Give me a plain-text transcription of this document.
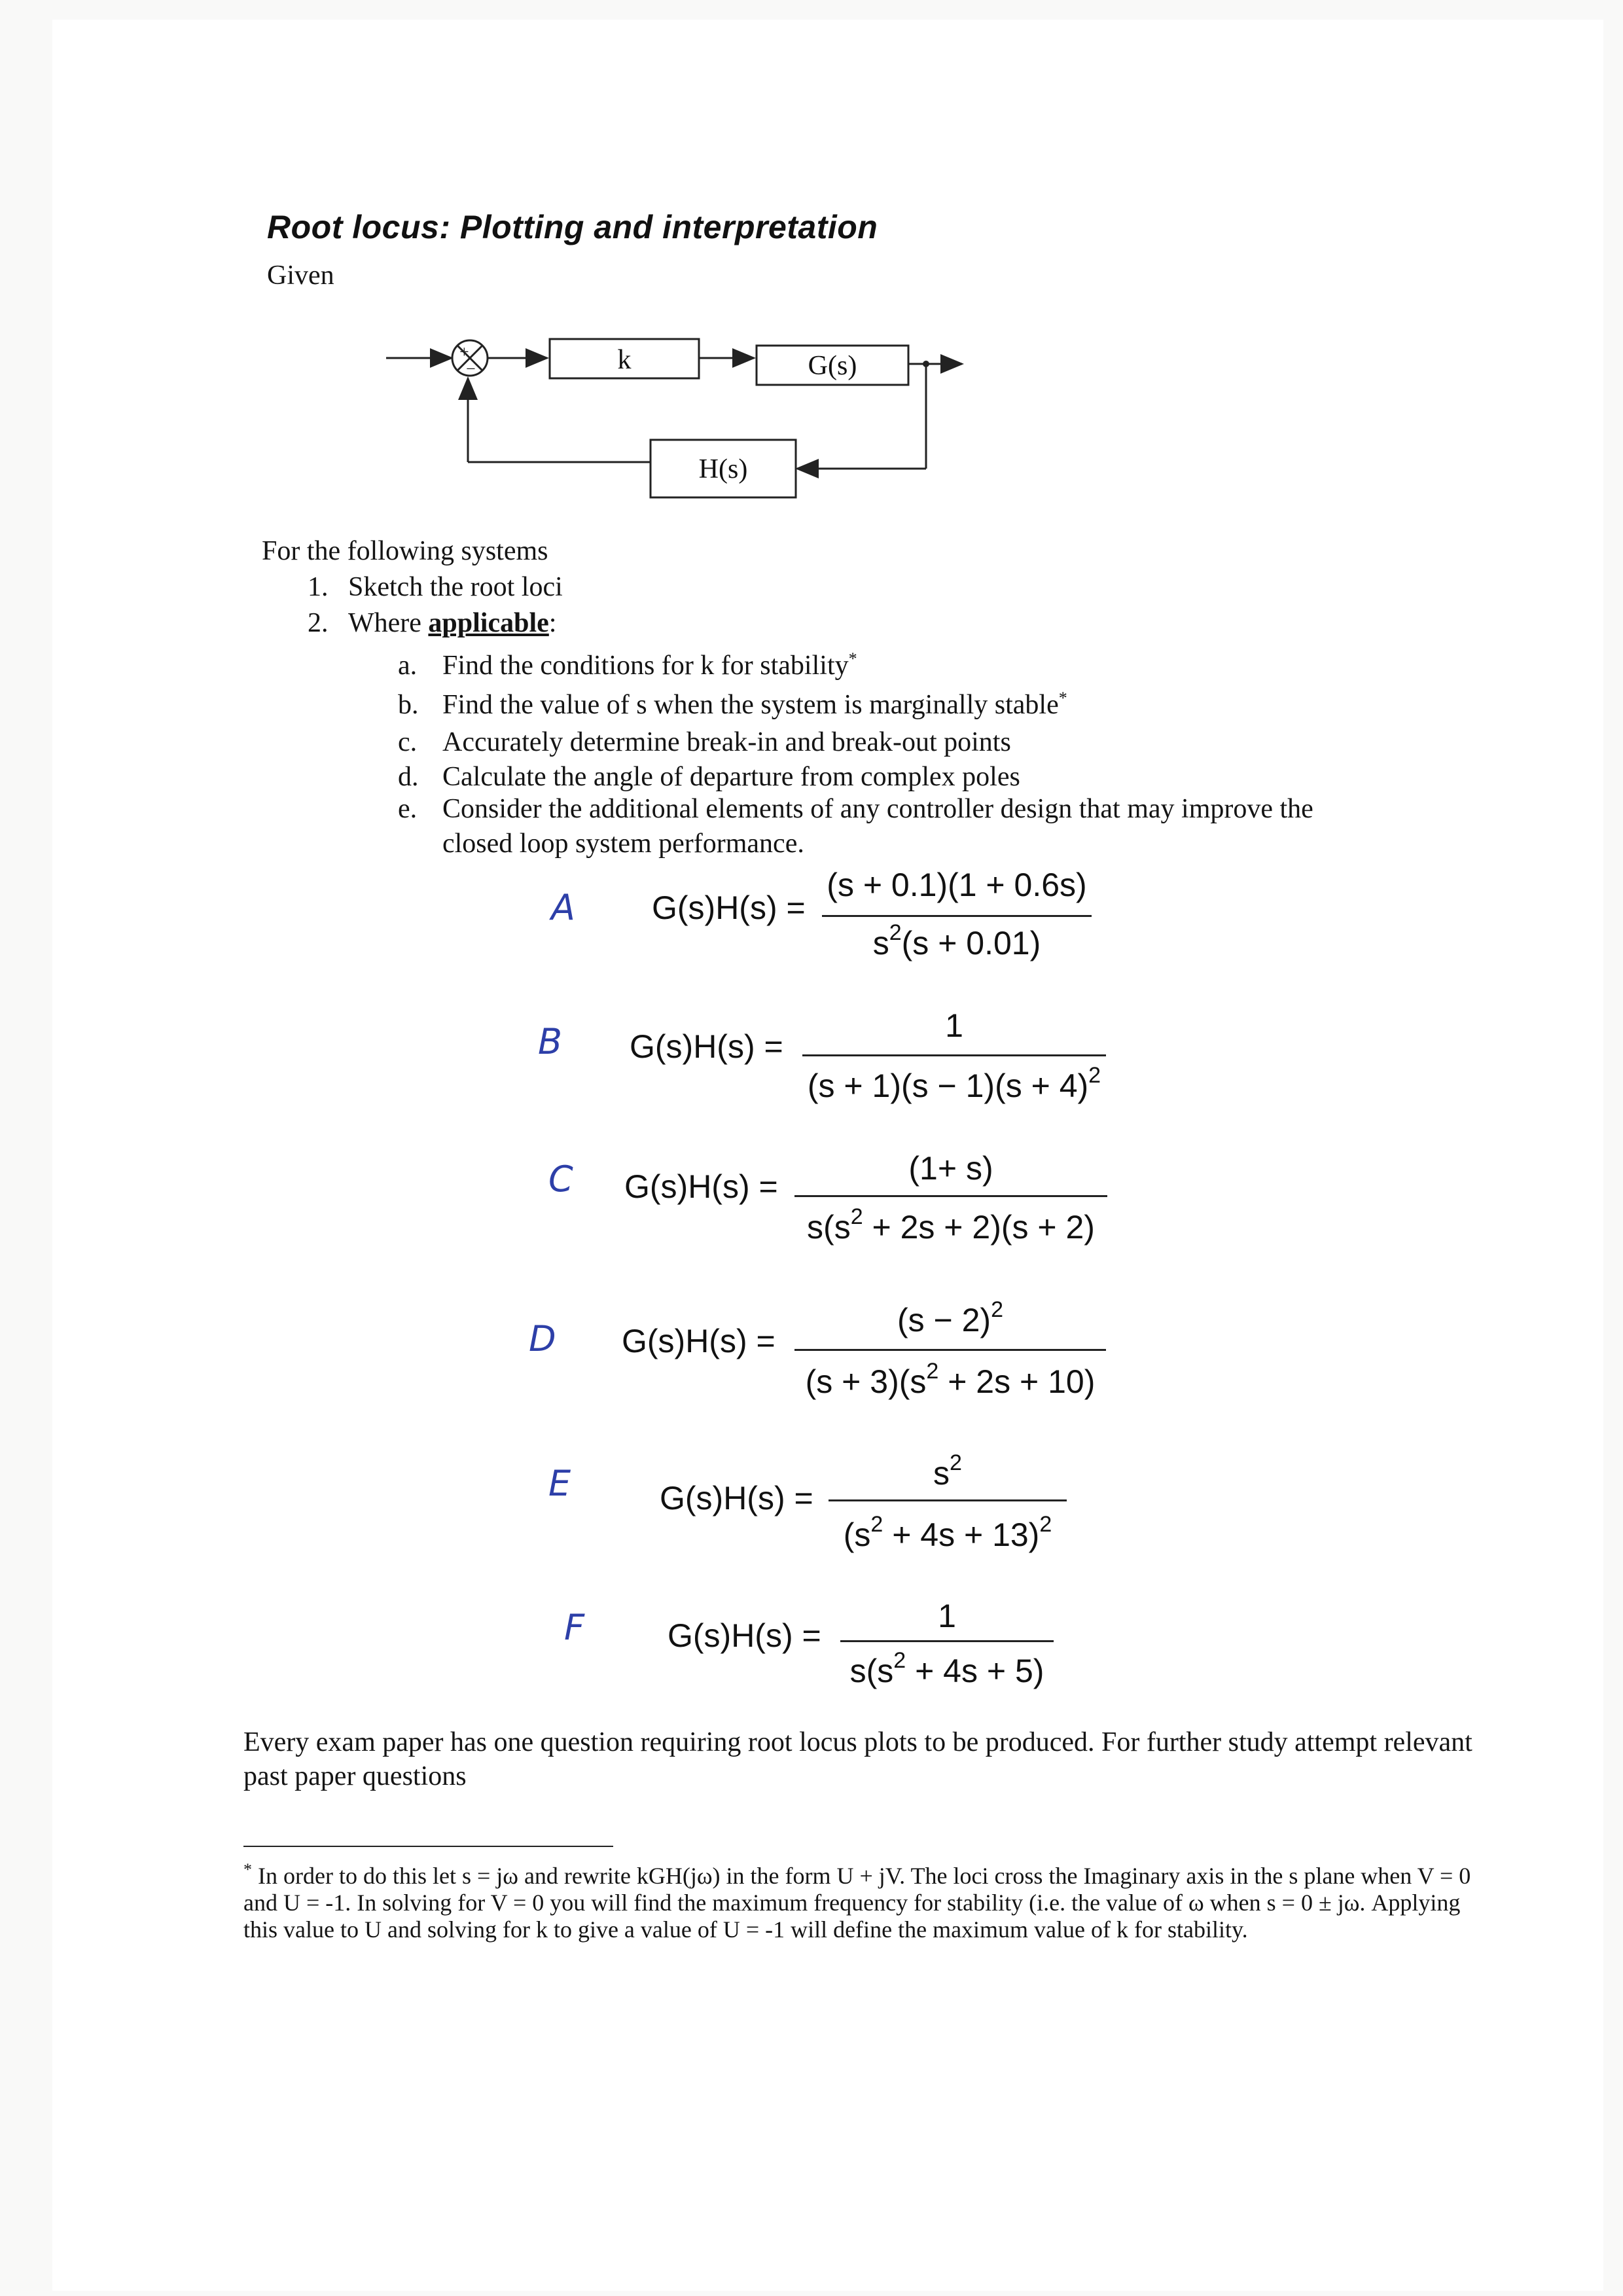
Root locus: Plotting and interpretation
Given
+
−	k	G(s)
H(s)
For the following systems
1. Sketch the root loci
2. Where applicable:
a. Find the conditions for k for stability*
b. Find the value of s when the system is marginally stable*
c. Accurately determine break-in and break-out points
d. Calculate the angle of departure from complex poles
e. Consider the additional elements of any controller design that may improve the
closed loop system performance.
A G(s)H(s) =
(s + 0.1)(1 + 0.6s)
$s^2(s + 0.01)$
B G(s)H(s) =
1
$(s + 1)(s - 1)(s + 4)^2$
C G(s)H(s) =	(1+ s)
$s(s^2 + 2s + 2)(s + 2)$
D G(s)H(s) =
$(s - 2)^2$
$(s + 3)(s^2 + 2s + 10)$
E	G(s)H(s) =
$s^2$
$(s^2 + 4s + 13)^2$
F	G(s)H(s) =
1
$s(s^2 + 4s + 5)$
Every exam paper has one question requiring root locus plots to be produced. For further study attempt relevant past paper questions
* In order to do this let s = jω and rewrite kGH(jω) in the form U + jV. The loci cross the Imaginary axis in the s plane when V = 0 and U = -1. In solving for V = 0 you will find the maximum frequency for stability (i.e. the value of ω when s = 0 ± jω. Applying this value to U and solving for k to give a value of U = -1 will define the maximum value of k for stability.
